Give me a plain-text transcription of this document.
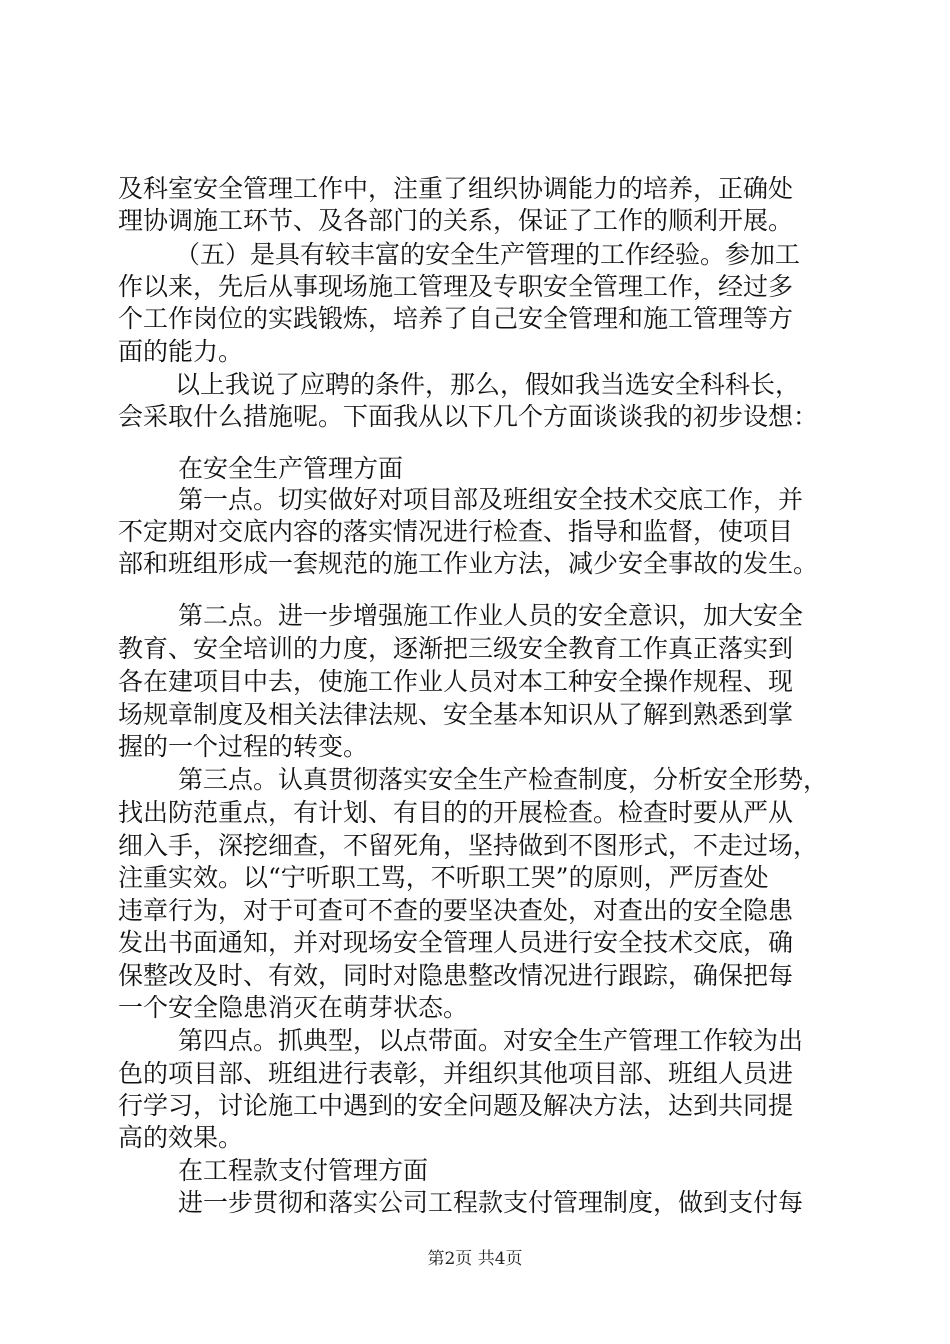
及科室安全管理工作中，注重了组织协调能力的培养，正确处
理协调施工环节、及各部门的关系，保证了工作的顺利开展。
（五）是具有较丰富的安全生产管理的工作经验。参加工
作以来，先后从事现场施工管理及专职安全管理工作，经过多
个工作岗位的实践锻炼，培养了自己安全管理和施工管理等方
面的能力。
以上我说了应聘的条件，那么，假如我当选安全科科长，
会采取什么措施呢。下面我从以下几个方面谈谈我的初步设想：
在安全生产管理方面
第一点。切实做好对项目部及班组安全技术交底工作，并
不定期对交底内容的落实情况进行检查、指导和监督，使项目
部和班组形成一套规范的施工作业方法，减少安全事故的发生。
第二点。进一步增强施工作业人员的安全意识，加大安全
教育、安全培训的力度，逐渐把三级安全教育工作真正落实到
各在建项目中去，使施工作业人员对本工种安全操作规程、现
场规章制度及相关法律法规、安全基本知识从了解到熟悉到掌
握的一个过程的转变。
第三点。认真贯彻落实安全生产检查制度，分析安全形势，
找出防范重点，有计划、有目的的开展检查。检查时要从严从
细入手，深挖细查，不留死角，坚持做到不图形式，不走过场，
注重实效。以“宁听职工骂，不听职工哭”的原则，严厉查处
违章行为，对于可查可不查的要坚决查处，对查出的安全隐患
发出书面通知，并对现场安全管理人员进行安全技术交底，确
保整改及时、有效，同时对隐患整改情况进行跟踪，确保把每
一个安全隐患消灭在萌芽状态。
第四点。抓典型，以点带面。对安全生产管理工作较为出
色的项目部、班组进行表彰，并组织其他项目部、班组人员进
行学习，讨论施工中遇到的安全问题及解决方法，达到共同提
高的效果。
在工程款支付管理方面
进一步贯彻和落实公司工程款支付管理制度，做到支付每
第2页 共4页
